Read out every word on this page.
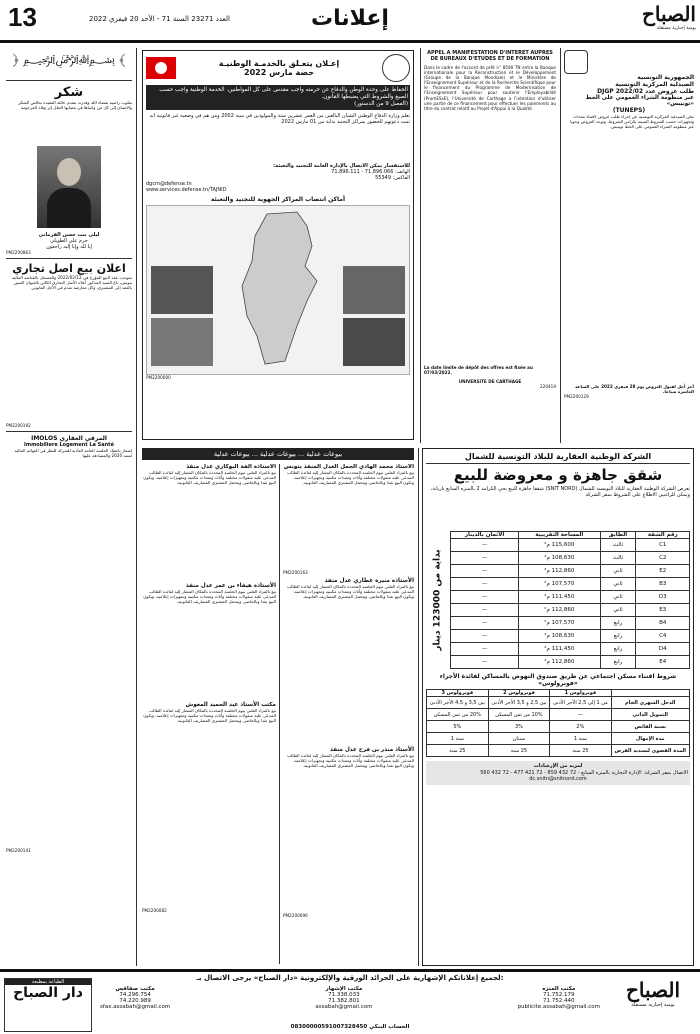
13	العدد 23271 السنة 71 - الأحد 20 فيفري 2022	إعلانات	الصباح
يومية إخبارية مستقلة
﴿ ﷽ ﴾
شكر
بقلوب راضية بقضاء الله وقدره، تتقدم عائلة الفقيدة بخالص الشكر والامتنان إلى كل من واساها في مصابها الجلل إثر وفاة المرحومة
ليلى بنت حسن القرماني
حرم علي الطويلي
إنا لله وإنا إليه راجعون
PM2200863
اعلان بيع اصل تجاري
بموجب عقد البيع المؤرخ في 2022/02/12 والمسجل بالقباضة المالية بتونس، باع السيد المذكور أعلاه الأصل التجاري الكائن بالعنوان المبين بالعقد إلى المشتري، وكل معارضة تقدم في الأجل القانوني
PM2200192
IMOLOS المرقي العقاري
Immobiliere Logement La Santé
إشعار بانعقاد الجلسة العامة العادية للشركة للنظر في القوائم المالية لسنة 2020 والمصادقة عليها
PM2200141
إعـلان يتعـلق بالخدمـة الوطنيـة
حصة مارس 2022
الحفاظ على وحدة الوطن والدفاع عن حرمته واجب مقدس على كل المواطنين. الخدمة الوطنية واجب حسب الصيغ والشروط التي يضبطها القانون.
(الفصل 9 من الدستور)
تعلم وزارة الدفاع الوطني الشبان البالغين من العمر عشرين سنة والمولودين في سنة 2002 ومن هم في وضعية غير قانونية أنه تمت دعوتهم للحضور بمراكز التجنيد بداية من 01 مارس 2022
للاستفسار يمكن الاتصال بالإدارة العامة للتجنيد والتعبئة:
الهاتف: 71.896.066 - 71.896.111
الفاكس: 55349
dgcm@defense.tn
www.services.defense.tn/TAJNID
أماكن انتصاب المراكز الجهوية للتجنيد والتعبئة
PM2200000
APPEL A MANIFESTATION D'INTERET AUPRES DE BUREAUX D'ETUDES ET DE FORMATION
Dans le cadre de l'accord de prêt n° 8590 TN entre la Banque internationale pour la Reconstruction et le Développement (Groupe de la Banque Mondiale) et le Ministère de l'Enseignement Supérieur et de la Recherche Scientifique pour le financement du Programme de Modernisation de l'Enseignement Supérieur pour soutenir l'Employabilité (PromESsE), l'Université de Carthage a l'intention d'utiliser une partie de ce financement pour effectuer les paiements au titre du contrat relatif au Projet d'Appui à la Qualité.
La date limite de dépôt des offres est fixée au 07/03/2022.
UNIVERSITE DE CARTHAGE
220419
الجمهورية التونسية
الصيدلية المركزية التونسية
طلب عروض عدد DJGP 2022/02
عبر منظومة الشراء العمومي على الخط «تونيبس»
(TUNEPS)
تعلن الصيدلية المركزية التونسية عن إجراء طلب عروض لاقتناء معدات وتجهيزات حسب الشروط المبينة بكراس الشروط. وتوجه العروض وجوبا عبر منظومة الشراء العمومي على الخط تونيبس.
آخر أجل لقبول العروض يوم 28 فيفري 2022 على الساعة العاشرة صباحا.
PM2200129
بيوعات عدلية ... بيوعات عدلية ... بيوعات عدلية
الأستاذة ألفة البوكاري عدل منفذ
بيع بالمزاد العلني بيوم الجلسة المحددة بالمكان المشار إليه لفائدة الطالب المدعى عليه منقولات مختلفة وأثاث ومعدات مكتبية وتجهيزات إعلامية، ويكون البيع نقدا وبالحاضر، ويتحمل المشتري المصاريف القانونية.
الأستاذة هيفاء بن عمر عدل منفذ
بيع بالمزاد العلني بيوم الجلسة المحددة بالمكان المشار إليه لفائدة الطالب المدعى عليه منقولات مختلفة وأثاث ومعدات مكتبية وتجهيزات إعلامية، ويكون البيع نقدا وبالحاضر، ويتحمل المشتري المصاريف القانونية.
مكتب الأستاذ عبد الحميد المغوش
بيع بالمزاد العلني بيوم الجلسة المحددة بالمكان المشار إليه لفائدة الطالب المدعى عليه منقولات مختلفة وأثاث ومعدات مكتبية وتجهيزات إعلامية، ويكون البيع نقدا وبالحاضر، ويتحمل المشتري المصاريف القانونية.
PM2200082
الأستاذ محمد الهادي الجمل العدل المنفذ بتونس
بيع بالمزاد العلني بيوم الجلسة المحددة بالمكان المشار إليه لفائدة الطالب المدعى عليه منقولات مختلفة وأثاث ومعدات مكتبية وتجهيزات إعلامية، ويكون البيع نقدا وبالحاضر، ويتحمل المشتري المصاريف القانونية.
PM2200163
الأستاذة منيرة عطاري عدل منفذ
بيع بالمزاد العلني بيوم الجلسة المحددة بالمكان المشار إليه لفائدة الطالب المدعى عليه منقولات مختلفة وأثاث ومعدات مكتبية وتجهيزات إعلامية، ويكون البيع نقدا وبالحاضر، ويتحمل المشتري المصاريف القانونية.
الأستاذ منذر بن فرح عدل منفذ
بيع بالمزاد العلني بيوم الجلسة المحددة بالمكان المشار إليه لفائدة الطالب المدعى عليه منقولات مختلفة وأثاث ومعدات مكتبية وتجهيزات إعلامية، ويكون البيع نقدا وبالحاضر، ويتحمل المشتري المصاريف القانونية.
PM2200096
الشركة الوطنية العقارية للبلاد التونسية للشمال
شقق جاهزة و معروضة للبيع
تعرض الشركة الوطنية العقارية للبلاد التونسية للشمال (SNIT NORD) شققا جاهزة للبيع بحي الكرامة 2 بالمنزه السابع بأريانة، ويمكن للراغبين الاطلاع على الشروط بمقر الشركة
بداية من 123000 دينار
رقم الشقة	الطابق	المساحة التقريبية	الأثمان بالدينار
C1	ثالث	115,600 م²	—
C2	ثالث	108,630 م²	—
E2	ثاني	112,860 م²	—
B3	ثاني	107,570 م²	—
D3	ثاني	111,450 م²	—
E3	ثاني	112,860 م²	—
B4	رابع	107,570 م²	—
C4	رابع	108,630 م²	—
D4	رابع	111,450 م²	—
E4	رابع	112,860 م²	—
شروط اقتناء مسكن اجتماعي عن طريق صندوق النهوض بالمساكن لفائدة الأجراء «فوبرولوس»
	فوبرولوس 1	فوبرولوس 2	فوبرولوس 3
الدخل الشهري الخام	من 1 إلى 2,5 الأجر الأدنى	بين 2,5 و 3,5 الأجر الأدنى	بين 3,5 و 4,5 الأجر الأدنى
التمويل الذاتي	—	10% من ثمن المسكن	20% من ثمن المسكن
نسبة الفائض	2%	3%	5%
مدة الإمهال	سنة 1	سنتان	سنة 1
المدة القصوى لتسديد القرض	25 سنة	25 سنة	25 سنة
لمزيد من الإرشادات
الاتصال بمقر الشركة: الإدارة التجارية بالمنزه السابع - 72 432 859 - 72 421 477 - 72 432 560
dc.snitn@snitnord.com
لجميع إعلاناتكم الإشهارية على الجرائد الورقية والإلكترونية «دار الصباح» يرجى الاتصال بـ:
الطباعة بمطبعة
دار الصباح	الصباح
يومية إخبارية مستقلة
مكتب المنزه
71.752.179
71.752.440
publicite.assabah@gmail.com
مكتب الإشهار
71.338.033
71.382.801
assabah@gmail.com
مكتب صفاقس
74.296.754
74.220.989
sfax.assabah@gmail.com
الحساب البنكي 08300000591007328450
